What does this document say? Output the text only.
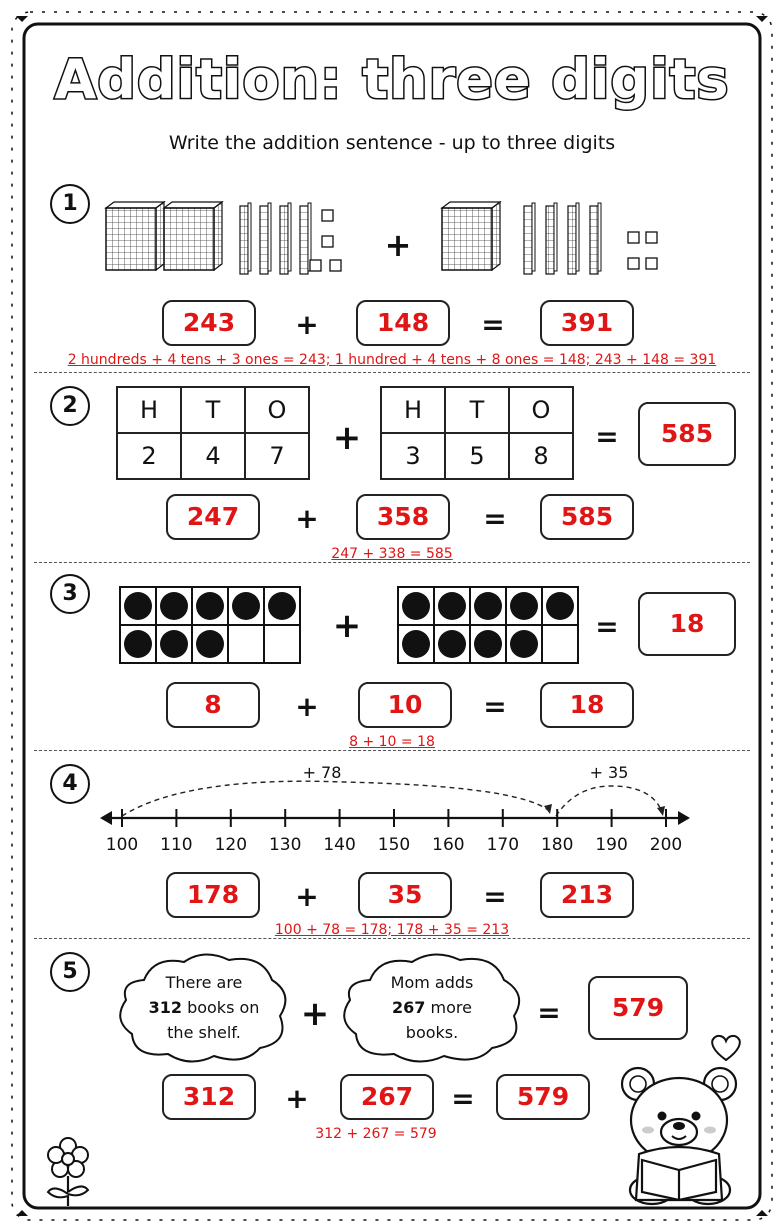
Addition: three digits
Write the addition sentence - up to three digits
1
+
243	+	148	=	391
2 hundreds + 4 tens + 3 ones = 243; 1 hundred + 4 tens + 8 ones = 148; 243 + 148 = 391
2	H	T	O
2	4	7 +
H	T	O
3	5	8
=	585
247	+	358	=	585
247 + 338 = 585
3
+	=	18
8	+	10	=	18
8 + 10 = 18
4	+ 78	+ 35
100 110 120 130 140 150 160 170 180 190 200
178	+	35	=	213
100 + 78 = 178; 178 + 35 = 213
5	There are
312 books on
the shelf.	+
Mom adds
267 more
books.
=	579
312	+	267	=	579
312 + 267 = 579
